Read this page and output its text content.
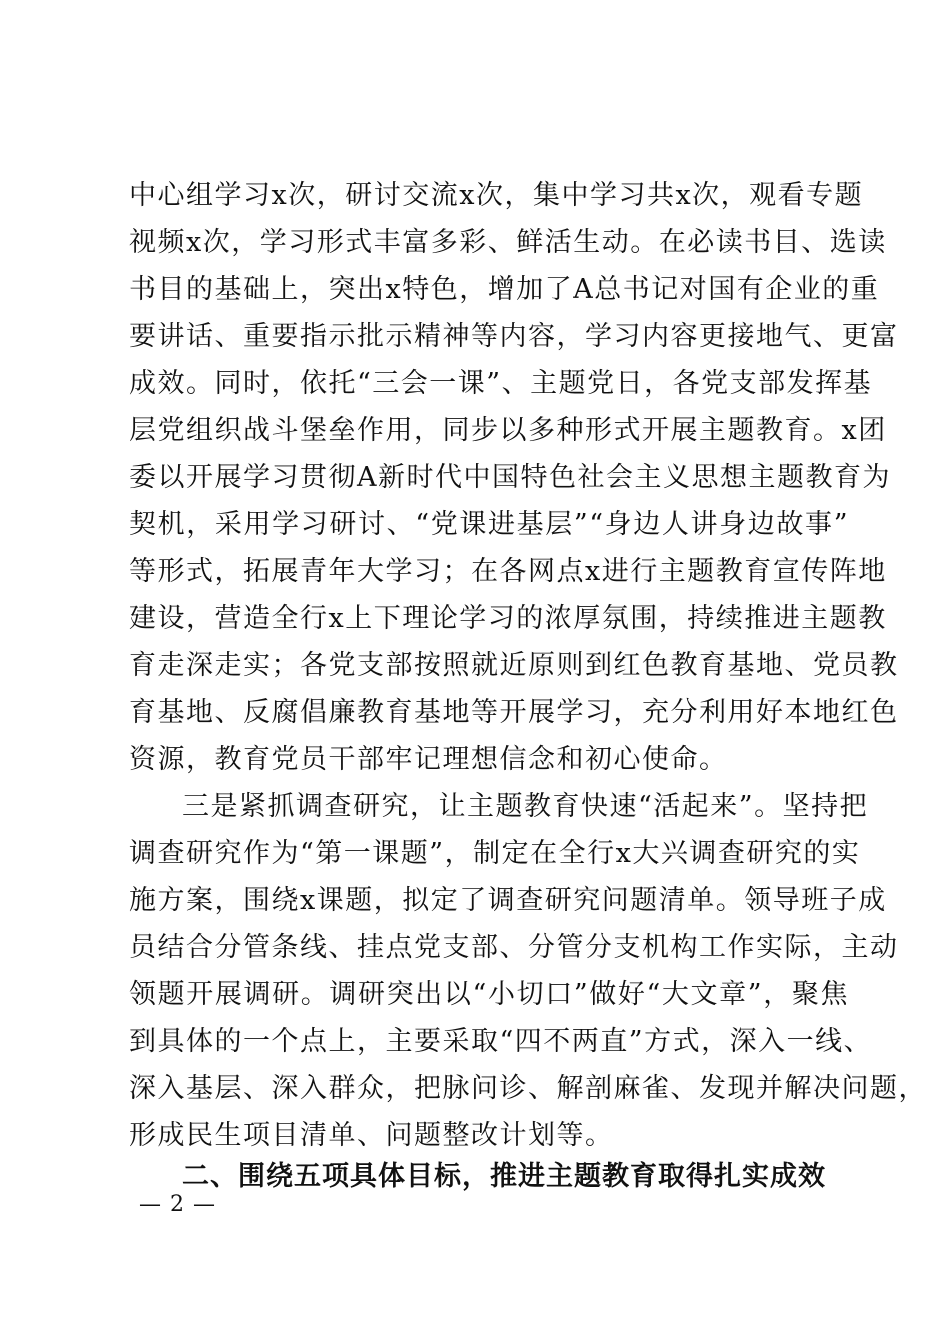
中心组学习x次，研讨交流x次，集中学习共x次，观看专题
视频x次，学习形式丰富多彩、鲜活生动。在必读书目、选读
书目的基础上，突出x特色，增加了A总书记对国有企业的重
要讲话、重要指示批示精神等内容，学习内容更接地气、更富
成效。同时，依托“三会一课”、主题党日，各党支部发挥基
层党组织战斗堡垒作用，同步以多种形式开展主题教育。x团
委以开展学习贯彻A新时代中国特色社会主义思想主题教育为
契机，采用学习研讨、“党课进基层”“身边人讲身边故事”
等形式，拓展青年大学习；在各网点x进行主题教育宣传阵地
建设，营造全行x上下理论学习的浓厚氛围，持续推进主题教
育走深走实；各党支部按照就近原则到红色教育基地、党员教
育基地、反腐倡廉教育基地等开展学习，充分利用好本地红色
资源，教育党员干部牢记理想信念和初心使命。
三是紧抓调查研究，让主题教育快速“活起来”。坚持把
调查研究作为“第一课题”，制定在全行x大兴调查研究的实
施方案，围绕x课题，拟定了调查研究问题清单。领导班子成
员结合分管条线、挂点党支部、分管分支机构工作实际，主动
领题开展调研。调研突出以“小切口”做好“大文章”，聚焦
到具体的一个点上，主要采取“四不两直”方式，深入一线、
深入基层、深入群众，把脉问诊、解剖麻雀、发现并解决问题，
形成民生项目清单、问题整改计划等。
二、围绕五项具体目标，推进主题教育取得扎实成效
— 2 —
